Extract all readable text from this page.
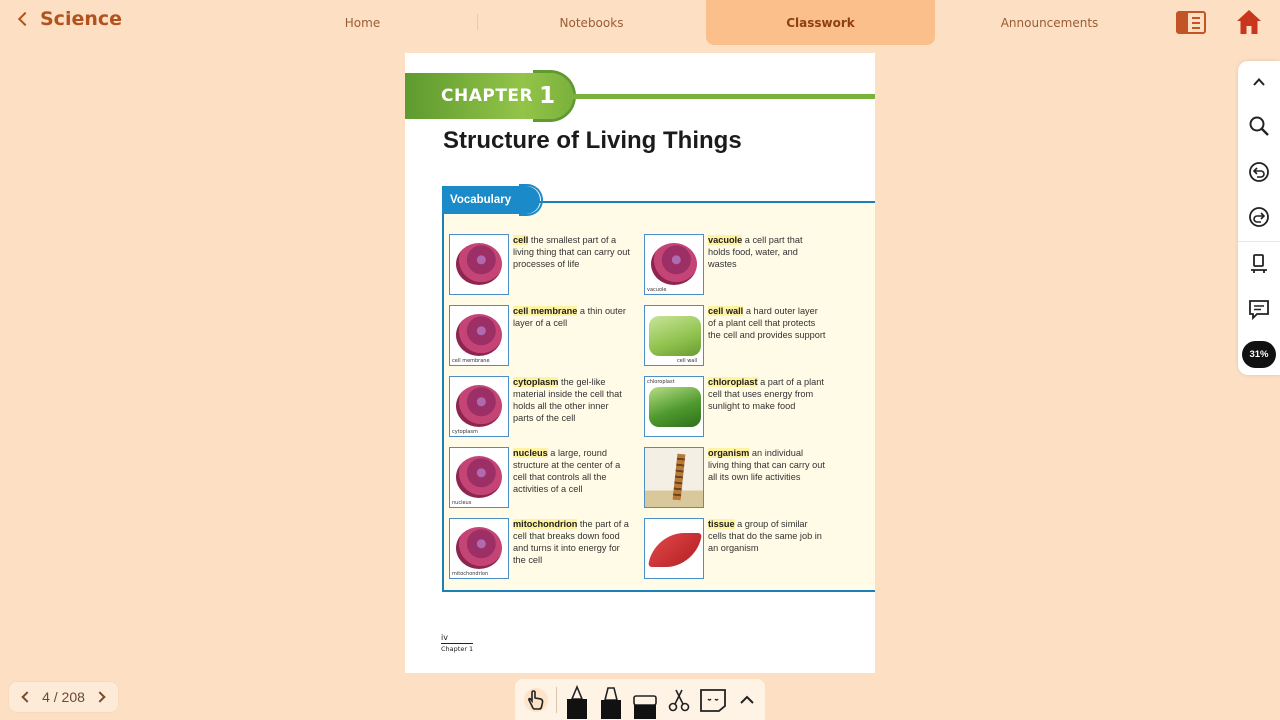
Science	Home	Notebooks	Classwork	Announcements
CHAPTER 1
Structure of Living Things
Vocabulary
cell the smallest part of a living thing that can carry out processes of life
vacuole
vacuole a cell part that holds food, water, and wastes
cell membrane
cell membrane a thin outer layer of a cell
cell wall
cell wall a hard outer layer of a plant cell that protects the cell and provides support
cytoplasm
cytoplasm the gel-like material inside the cell that holds all the other inner parts of the cell
chloroplast	chloroplast a part of a plant cell that uses energy from sunlight to make food
nucleus
nucleus a large, round structure at the center of a cell that controls all the activities of a cell
organism an individual living thing that can carry out all its own life activities
mitochondrion
mitochondrion the part of a cell that breaks down food and turns it into energy for the cell
tissue a group of similar cells that do the same job in an organism
iv
Chapter 1
31%
4 / 208
